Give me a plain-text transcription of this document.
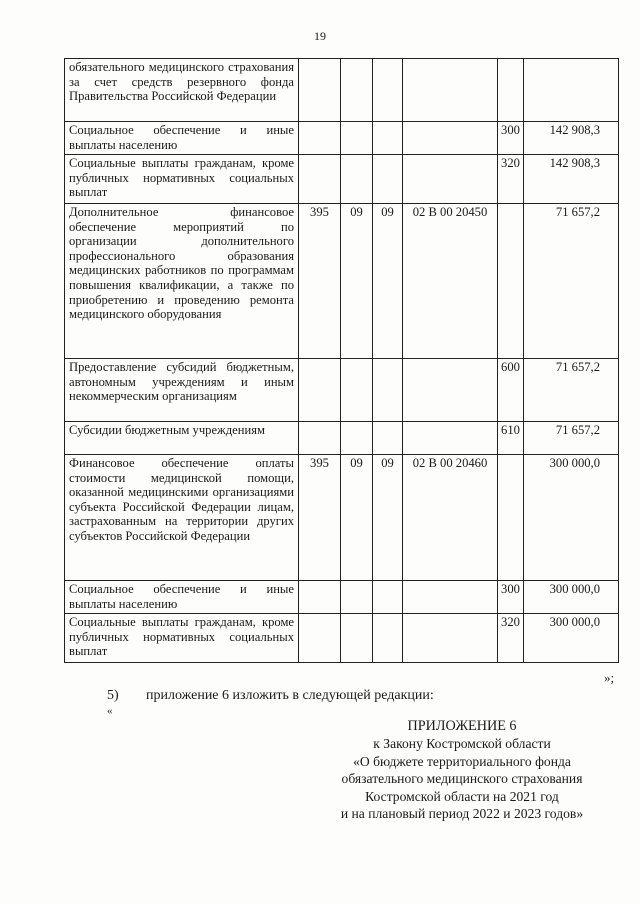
19
обязательного медицинского страхования за счет средств резервного фонда Правительства Российской Федерации						
Социальное обеспечение и иные выплаты населению					300	142 908,3
Социальные выплаты гражданам, кроме публичных нормативных социальных выплат					320	142 908,3
Дополнительное финансовое обеспечение мероприятий по организации дополнительного профессионального образования медицинских работников по программам повышения квалификации, а также по приобретению и проведению ремонта медицинского оборудования	395	09	09	02 В 00 20450		71 657,2
Предоставление субсидий бюджетным, автономным учреждениям и иным некоммерческим организациям					600	71 657,2
Субсидии бюджетным учреждениям					610	71 657,2
Финансовое обеспечение оплаты стоимости медицинской помощи, оказанной медицинскими организациями субъекта Российской Федерации лицам, застрахованным на территории других субъектов Российской Федерации	395	09	09	02 В 00 20460		300 000,0
Социальное обеспечение и иные выплаты населению					300	300 000,0
Социальные выплаты гражданам, кроме публичных нормативных социальных выплат					320	300 000,0
»;
5) приложение 6 изложить в следующей редакции:
«
ПРИЛОЖЕНИЕ 6
к Закону Костромской области
«О бюджете территориального фонда
обязательного медицинского страхования
Костромской области на 2021 год
и на плановый период 2022 и 2023 годов»
